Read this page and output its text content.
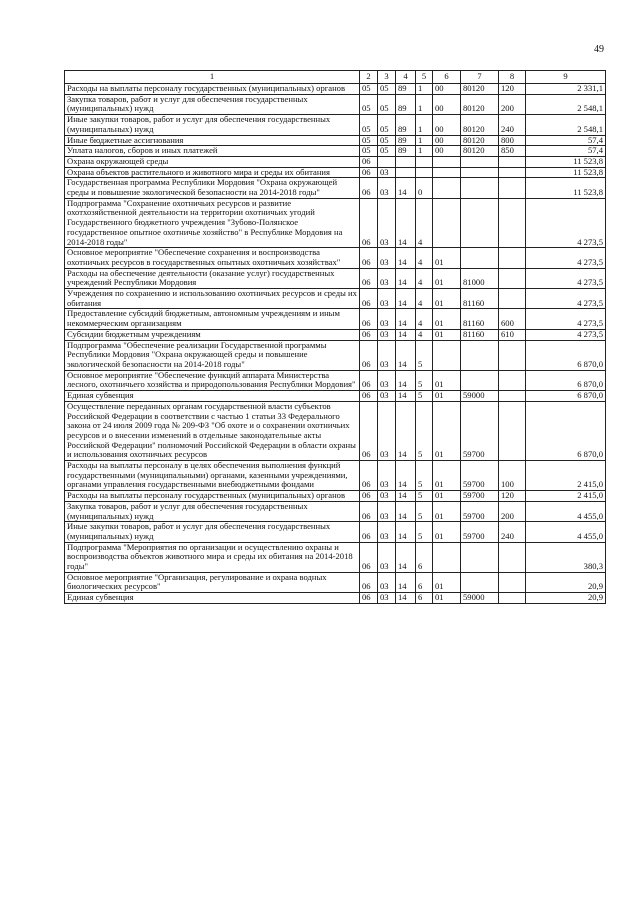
49
1	2	3	4	5	6	7	8	9
Расходы на выплаты персоналу государственных (муниципальных) органов	05	05	89	1	00	80120	120	2 331,1
Закупка товаров, работ и услуг для обеспечения государственных (муниципальных) нужд	05	05	89	1	00	80120	200	2 548,1
Иные закупки товаров, работ и услуг для обеспечения государственных (муниципальных) нужд	05	05	89	1	00	80120	240	2 548,1
Иные бюджетные ассигнования	05	05	89	1	00	80120	800	57,4
Уплата налогов, сборов и иных платежей	05	05	89	1	00	80120	850	57,4
Охрана окружающей среды	06							11 523,8
Охрана объектов растительного и животного мира и среды их обитания	06	03						11 523,8
Государственная программа Республики Мордовия "Охрана окружающей среды и повышение экологической безопасности на 2014-2018 годы"	06	03	14	0				11 523,8
Подпрограмма "Сохранение охотничьих ресурсов и развитие охотхозяйственной деятельности на территории охотничьих угодий Государственного бюджетного учреждения "Зубово-Полянское государственное опытное охотничье хозяйство" в Республике Мордовия на 2014-2018 годы"	06	03	14	4				4 273,5
Основное мероприятие "Обеспечение сохранения и воспроизводства охотничьих ресурсов в государственных опытных охотничьих хозяйствах"	06	03	14	4	01			4 273,5
Расходы на обеспечение деятельности (оказание услуг) государственных учреждений Республики Мордовия	06	03	14	4	01	81000		4 273,5
Учреждения по сохранению и использованию охотничьих ресурсов и среды их обитания	06	03	14	4	01	81160		4 273,5
Предоставление субсидий бюджетным, автономным учреждениям и иным некоммерческим организациям	06	03	14	4	01	81160	600	4 273,5
Субсидии бюджетным учреждениям	06	03	14	4	01	81160	610	4 273,5
Подпрограмма "Обеспечение реализации Государственной программы Республики Мордовия "Охрана окружающей среды и повышение экологической безопасности на 2014-2018 годы"	06	03	14	5				6 870,0
Основное мероприятие "Обеспечение функций аппарата Министерства лесного, охотничьего хозяйства и природопользования Республики Мордовия"	06	03	14	5	01			6 870,0
Единая субвенция	06	03	14	5	01	59000		6 870,0
Осуществление переданных органам государственной власти субъектов Российской Федерации в соответствии с частью 1 статьи 33 Федерального закона от 24 июля 2009 года № 209-ФЗ "Об охоте и о сохранении охотничьих ресурсов и о внесении изменений в отдельные законодательные акты Российской Федерации" полномочий Российской Федерации в области охраны и использования охотничьих ресурсов	06	03	14	5	01	59700		6 870,0
Расходы на выплаты персоналу в целях обеспечения выполнения функций государственными (муниципальными) органами, казенными учреждениями, органами управления государственными внебюджетными фондами	06	03	14	5	01	59700	100	2 415,0
Расходы на выплаты персоналу государственных (муниципальных) органов	06	03	14	5	01	59700	120	2 415,0
Закупка товаров, работ и услуг для обеспечения государственных (муниципальных) нужд	06	03	14	5	01	59700	200	4 455,0
Иные закупки товаров, работ и услуг для обеспечения государственных (муниципальных) нужд	06	03	14	5	01	59700	240	4 455,0
Подпрограмма "Мероприятия по организации и осуществлению охраны и воспроизводства объектов животного мира и среды их обитания на 2014-2018 годы"	06	03	14	6				380,3
Основное мероприятие "Организация, регулирование и охрана водных биологических ресурсов"	06	03	14	6	01			20,9
Единая субвенция	06	03	14	6	01	59000		20,9
